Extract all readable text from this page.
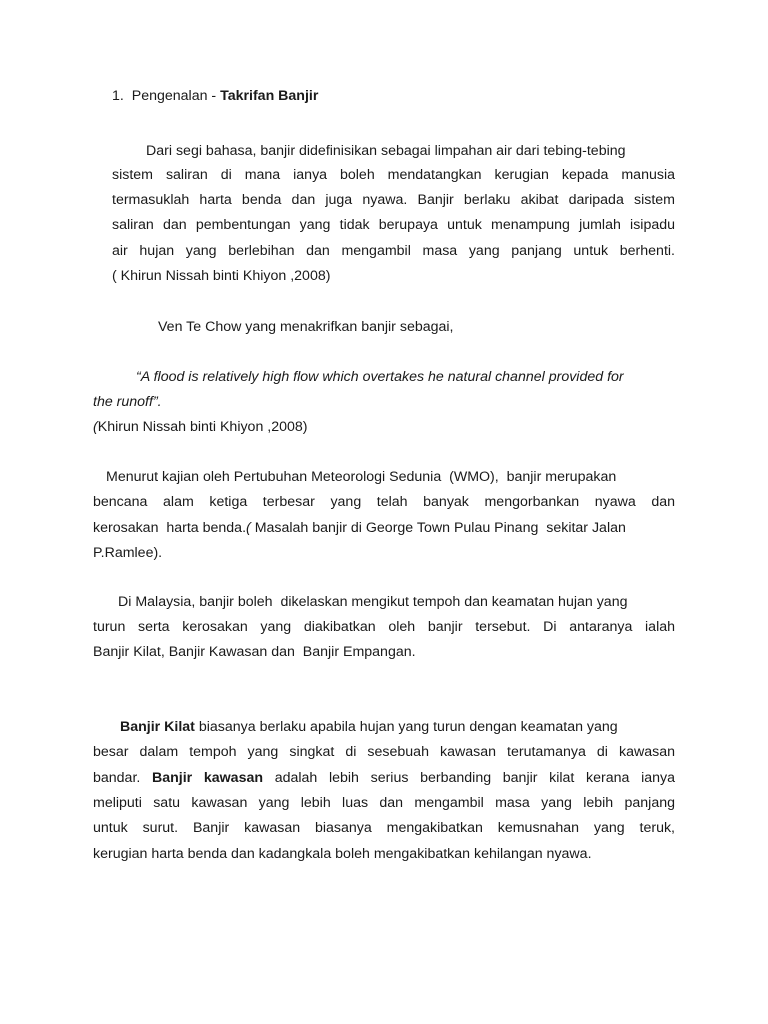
1. Pengenalan - Takrifan Banjir
Dari segi bahasa, banjir didefinisikan sebagai limpahan air dari tebing-tebing
sistem saliran di mana ianya boleh mendatangkan kerugian kepada manusia
termasuklah harta benda dan juga nyawa. Banjir berlaku akibat daripada sistem
saliran dan pembentungan yang tidak berupaya untuk menampung jumlah isipadu
air hujan yang berlebihan dan mengambil masa yang panjang untuk berhenti.
( Khirun Nissah binti Khiyon ,2008)
Ven Te Chow yang menakrifkan banjir sebagai,
“A flood is relatively high flow which overtakes he natural channel provided for
the runoff”.
(Khirun Nissah binti Khiyon ,2008)
Menurut kajian oleh Pertubuhan Meteorologi Sedunia  (WMO),  banjir merupakan
bencana alam ketiga terbesar yang telah banyak mengorbankan nyawa dan
kerosakan  harta benda.( Masalah banjir di George Town Pulau Pinang  sekitar Jalan
P.Ramlee).
Di Malaysia, banjir boleh  dikelaskan mengikut tempoh dan keamatan hujan yang
turun serta kerosakan yang diakibatkan oleh banjir tersebut. Di antaranya ialah
Banjir Kilat, Banjir Kawasan dan  Banjir Empangan.
Banjir Kilat biasanya berlaku apabila hujan yang turun dengan keamatan yang
besar dalam tempoh yang singkat di sesebuah kawasan terutamanya di kawasan
bandar. Banjir kawasan adalah lebih serius berbanding banjir kilat kerana ianya
meliputi satu kawasan yang lebih luas dan mengambil masa yang lebih panjang
untuk surut. Banjir kawasan biasanya mengakibatkan kemusnahan yang teruk,
kerugian harta benda dan kadangkala boleh mengakibatkan kehilangan nyawa.
